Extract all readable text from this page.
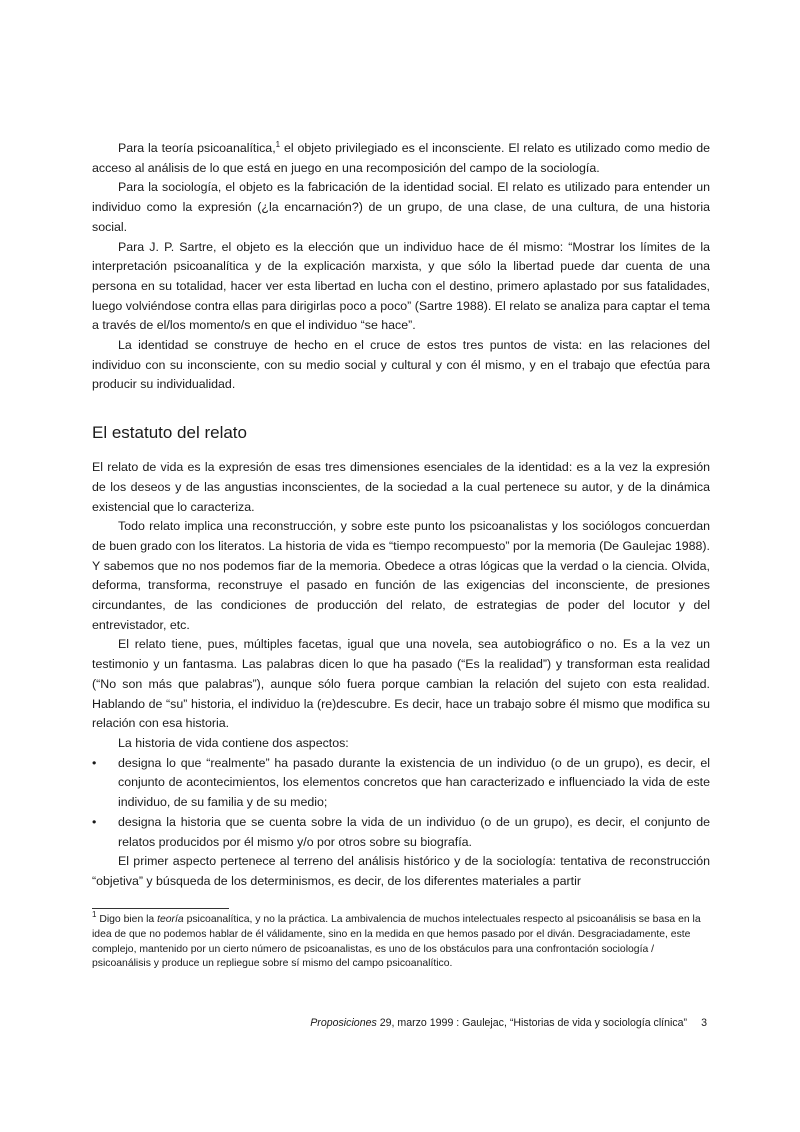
Para la teoría psicoanalítica,$^1$ el objeto privilegiado es el inconsciente. El relato es utilizado como medio de acceso al análisis de lo que está en juego en una recomposición del campo de la sociología.

Para la sociología, el objeto es la fabricación de la identidad social. El relato es utilizado para entender un individuo como la expresión (¿la encarnación?) de un grupo, de una clase, de una cultura, de una historia social.

Para J. P. Sartre, el objeto es la elección que un individuo hace de él mismo: “Mostrar los límites de la interpretación psicoanalítica y de la explicación marxista, y que sólo la libertad puede dar cuenta de una persona en su totalidad, hacer ver esta libertad en lucha con el destino, primero aplastado por sus fatalidades, luego volviéndose contra ellas para dirigirlas poco a poco” (Sartre 1988). El relato se analiza para captar el tema a través de el/los momento/s en que el individuo “se hace”.

La identidad se construye de hecho en el cruce de estos tres puntos de vista: en las relaciones del individuo con su inconsciente, con su medio social y cultural y con él mismo, y en el trabajo que efectúa para producir su individualidad.

El estatuto del relato

El relato de vida es la expresión de esas tres dimensiones esenciales de la identidad: es a la vez la expresión de los deseos y de las angustias inconscientes, de la sociedad a la cual pertenece su autor, y de la dinámica existencial que lo caracteriza.

Todo relato implica una reconstrucción, y sobre este punto los psicoanalistas y los sociólogos concuerdan de buen grado con los literatos. La historia de vida es “tiempo recompuesto” por la memoria (De Gaulejac 1988). Y sabemos que no nos podemos fiar de la memoria. Obedece a otras lógicas que la verdad o la ciencia. Olvida, deforma, transforma, reconstruye el pasado en función de las exigencias del inconsciente, de presiones circundantes, de las condiciones de producción del relato, de estrategias de poder del locutor y del entrevistador, etc.

El relato tiene, pues, múltiples facetas, igual que una novela, sea autobiográfico o no. Es a la vez un testimonio y un fantasma. Las palabras dicen lo que ha pasado (“Es la realidad”) y transforman esta realidad (“No son más que palabras”), aunque sólo fuera porque cambian la relación del sujeto con esta realidad. Hablando de “su” historia, el individuo la (re)descubre. Es decir, hace un trabajo sobre él mismo que modifica su relación con esa historia.

La historia de vida contiene dos aspectos:

• designa lo que “realmente” ha pasado durante la existencia de un individuo (o de un grupo), es decir, el conjunto de acontecimientos, los elementos concretos que han caracterizado e influenciado la vida de este individuo, de su familia y de su medio;
• designa la historia que se cuenta sobre la vida de un individuo (o de un grupo), es decir, el conjunto de relatos producidos por él mismo y/o por otros sobre su biografía.

El primer aspecto pertenece al terreno del análisis histórico y de la sociología: tentativa de reconstrucción “objetiva” y búsqueda de los determinismos, es decir, de los diferentes materiales a partir

$^1$ Digo bien la teoría psicoanalítica, y no la práctica. La ambivalencia de muchos intelectuales respecto al psicoanálisis se basa en la idea de que no podemos hablar de él válidamente, sino en la medida en que hemos pasado por el diván. Desgraciadamente, este complejo, mantenido por un cierto número de psicoanalistas, es uno de los obstáculos para una confrontación sociología / psicoanálisis y produce un repliegue sobre sí mismo del campo psicoanalítico.
Proposiciones 29, marzo 1999 : Gaulejac, “Historias de vida y sociología clínica” 3
